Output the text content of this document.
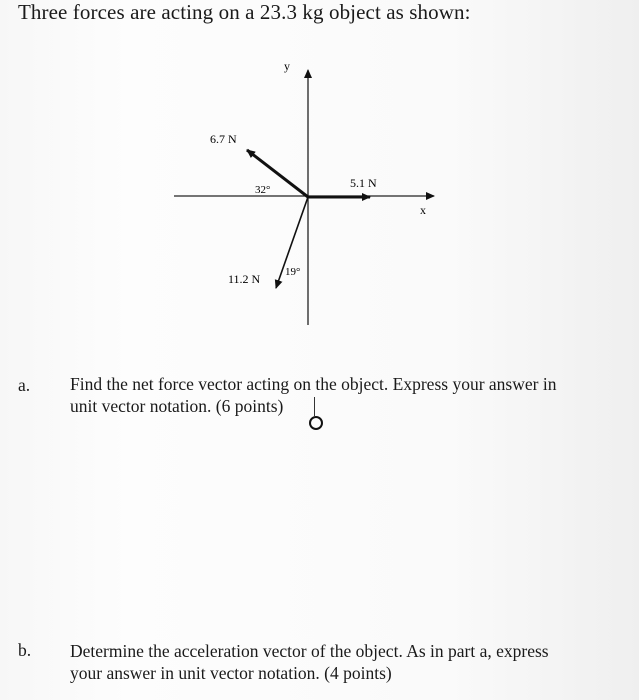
Three forces are acting on a 23.3 kg object as shown:
y
x
6.7 N
32°	5.1 N
11.2 N 19°
a. Find the net force vector acting on the object. Express your answer in
unit vector notation. (6 points)
b. Determine the acceleration vector of the object. As in part a, express
your answer in unit vector notation. (4 points)
